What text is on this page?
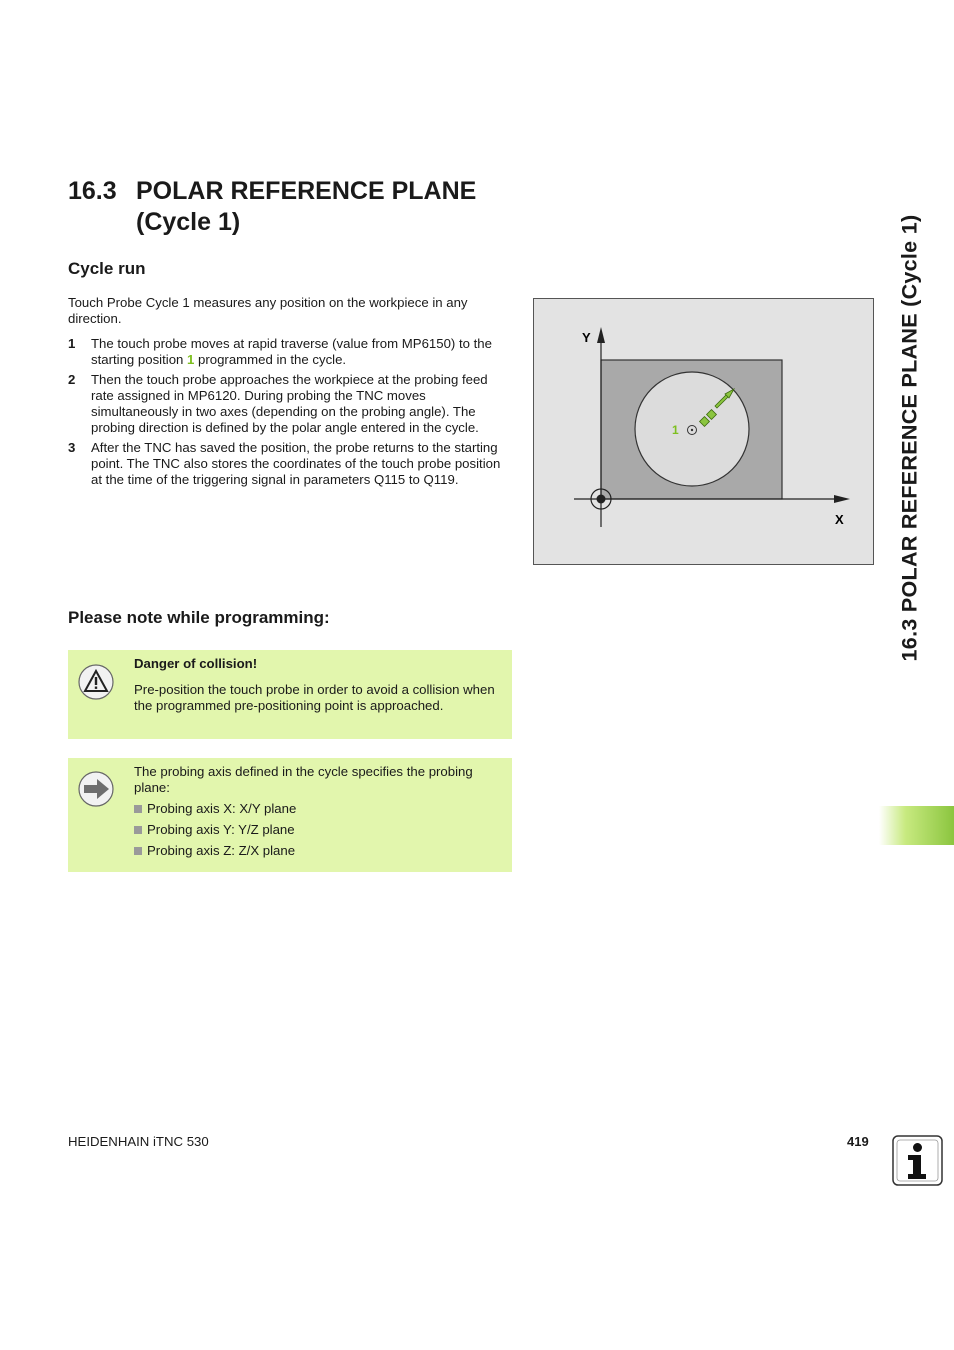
16.3 POLAR REFERENCE PLANE
(Cycle 1)
Cycle run
Touch Probe Cycle 1 measures any position on the workpiece in any direction.
1	The touch probe moves at rapid traverse (value from MP6150) to the starting position 1 programmed in the cycle.
2	Then the touch probe approaches the workpiece at the probing feed rate assigned in MP6120. During probing the TNC moves simultaneously in two axes (depending on the probing angle). The probing direction is defined by the polar angle entered in the cycle.
3	After the TNC has saved the position, the probe returns to the starting point. The TNC also stores the coordinates of the touch probe position at the time of the triggering signal in parameters Q115 to Q119.
Y
X
1
Please note while programming:
Danger of collision!
Pre-position the touch probe in order to avoid a collision when the programmed pre-positioning point is approached.
The probing axis defined in the cycle specifies the probing plane:
Probing axis X: X/Y plane
Probing axis Y: Y/Z plane
Probing axis Z: Z/X plane
16.3 POLAR REFERENCE PLANE (Cycle 1)
HEIDENHAIN iTNC 530	419
